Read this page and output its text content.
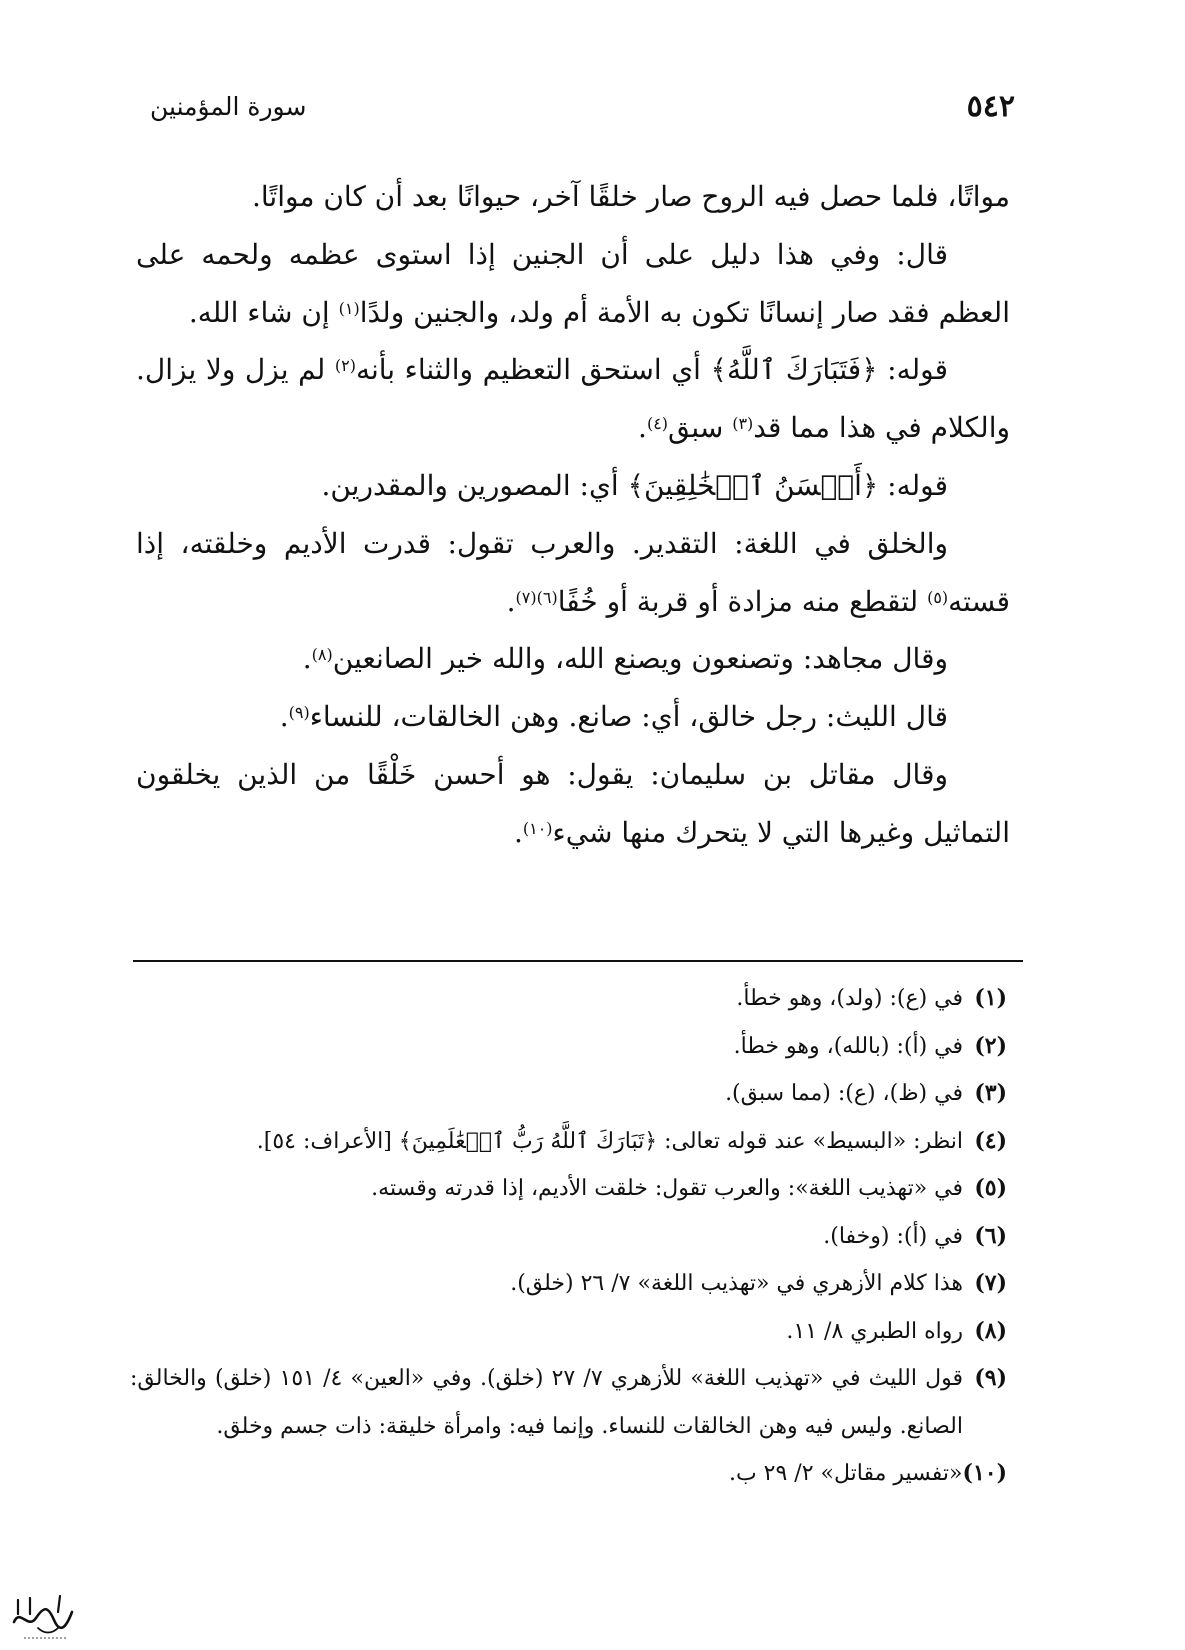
٥٤٢
سورة المؤمنين

مواتًا، فلما حصل فيه الروح صار خلقًا آخر، حيوانًا بعد أن كان مواتًا.

قال: وفي هذا دليل على أن الجنين إذا استوى عظمه ولحمه على العظم فقد صار إنسانًا تكون به الأمة أم ولد، والجنين ولدًا$^{(١)}$ إن شاء الله.

قوله: ﴿فَتَبَارَكَ ٱللَّهُ﴾ أي استحق التعظيم والثناء بأنه$^{(٢)}$ لم يزل ولا يزال. والكلام في هذا مما قد$^{(٣)}$ سبق$^{(٤)}$.

قوله: ﴿أَحۡسَنُ ٱلۡخَٰلِقِينَ﴾ أي: المصورين والمقدرين.

والخلق في اللغة: التقدير. والعرب تقول: قدرت الأديم وخلقته، إذا قسته$^{(٥)}$ لتقطع منه مزادة أو قربة أو خُفًا$^{(٦)(٧)}$.

وقال مجاهد: وتصنعون ويصنع الله، والله خير الصانعين$^{(٨)}$.

قال الليث: رجل خالق، أي: صانع. وهن الخالقات، للنساء$^{(٩)}$.

وقال مقاتل بن سليمان: يقول: هو أحسن خَلْقًا من الذين يخلقون التماثيل وغيرها التي لا يتحرك منها شيء$^{(١٠)}$.

(١)
في (ع): (ولد)، وهو خطأ.
(٢)
في (أ): (بالله)، وهو خطأ.
(٣)
في (ظ)، (ع): (مما سبق).
(٤)
انظر: «البسيط» عند قوله تعالى: ﴿تَبَارَكَ ٱللَّهُ رَبُّ ٱلۡعَٰلَمِينَ﴾ [الأعراف: ٥٤].
(٥)
في «تهذيب اللغة»: والعرب تقول: خلقت الأديم، إذا قدرته وقسته.
(٦)
في (أ): (وخفا).
(٧)
هذا كلام الأزهري في «تهذيب اللغة» ٧/ ٢٦ (خلق).
(٨)
رواه الطبري ٨/ ١١.
(٩)
قول الليث في «تهذيب اللغة» للأزهري ٧/ ٢٧ (خلق). وفي «العين» ٤/ ١٥١ (خلق) والخالق: الصانع. وليس فيه وهن الخالقات للنساء. وإنما فيه: وامرأة خليقة: ذات جسم وخلق.
(١٠)
«تفسير مقاتل» ٢/ ٢٩ ب.
